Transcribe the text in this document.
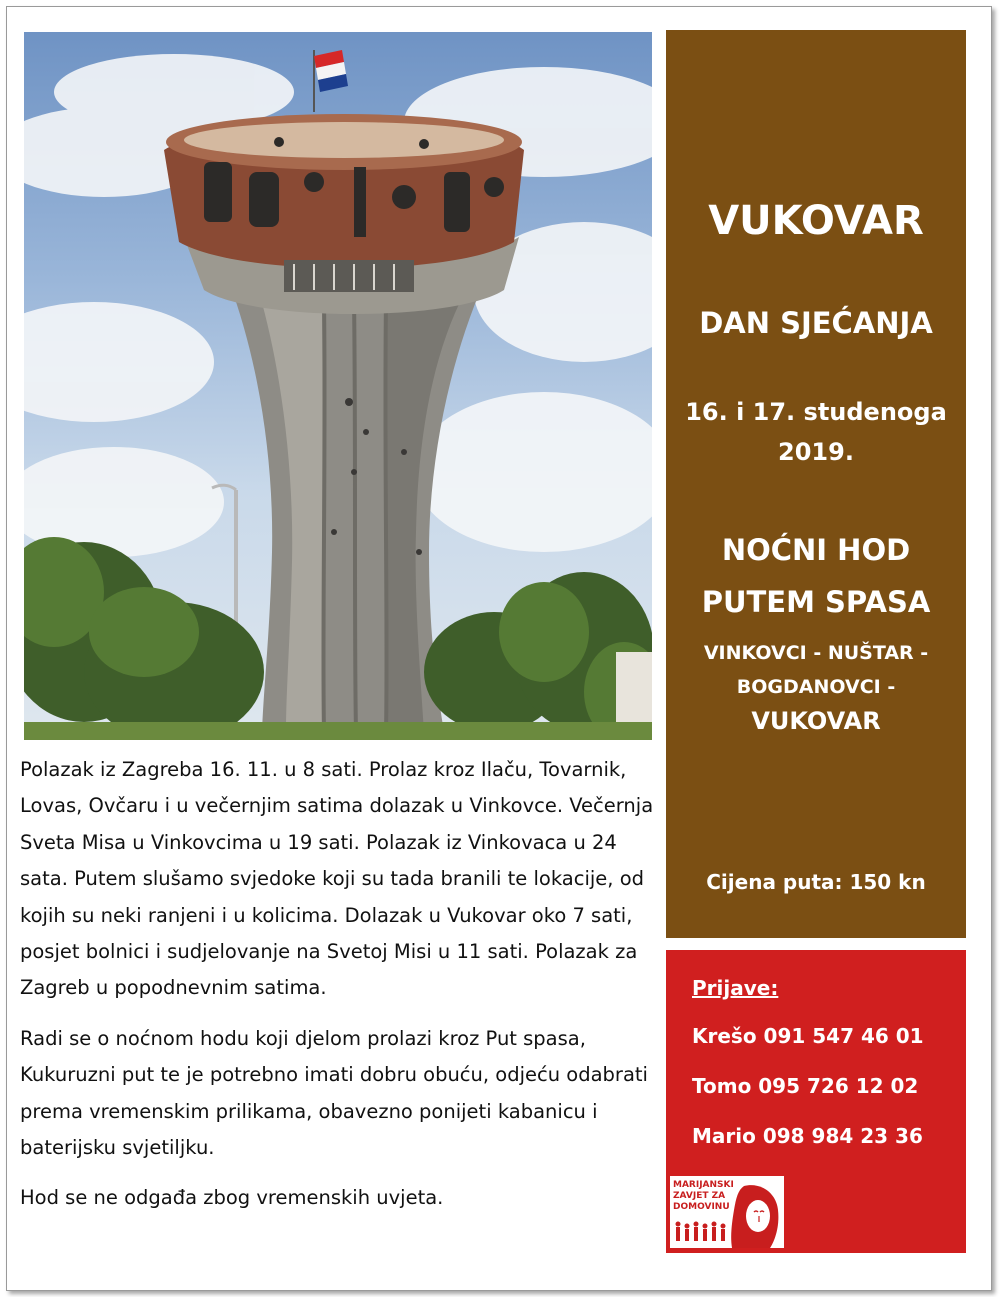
VUKOVAR
DAN SJEĆANJA
16. i 17. studenoga
2019.
NOĆNI HOD
PUTEM SPASA
VINKOVCI - NUŠTAR -
BOGDANOVCI -
VUKOVAR
Cijena puta: 150 kn
Prijave:
Krešo 091 547 46 01
Tomo 095 726 12 02
Mario 098 984 23 36
MARIJANSKI ZAVJET ZA DOMOVINU

Polazak iz Zagreba 16. 11. u 8 sati. Prolaz kroz Ilaču, Tovarnik, Lovas, Ovčaru i u večernjim satima dolazak u Vinkovce. Večernja Sveta Misa u Vinkovcima u 19 sati. Polazak iz Vinkovaca u 24 sata. Putem slušamo svjedoke koji su tada branili te lokacije, od kojih su neki ranjeni i u kolicima. Dolazak u Vukovar oko 7 sati, posjet bolnici i sudjelovanje na Svetoj Misi u 11 sati. Polazak za Zagreb u popodnevnim satima.

Radi se o noćnom hodu koji djelom prolazi kroz Put spasa, Kukuruzni put te je potrebno imati dobru obuću, odjeću odabrati prema vremenskim prilikama, obavezno ponijeti kabanicu i baterijsku svjetiljku.

Hod se ne odgađa zbog vremenskih uvjeta.
